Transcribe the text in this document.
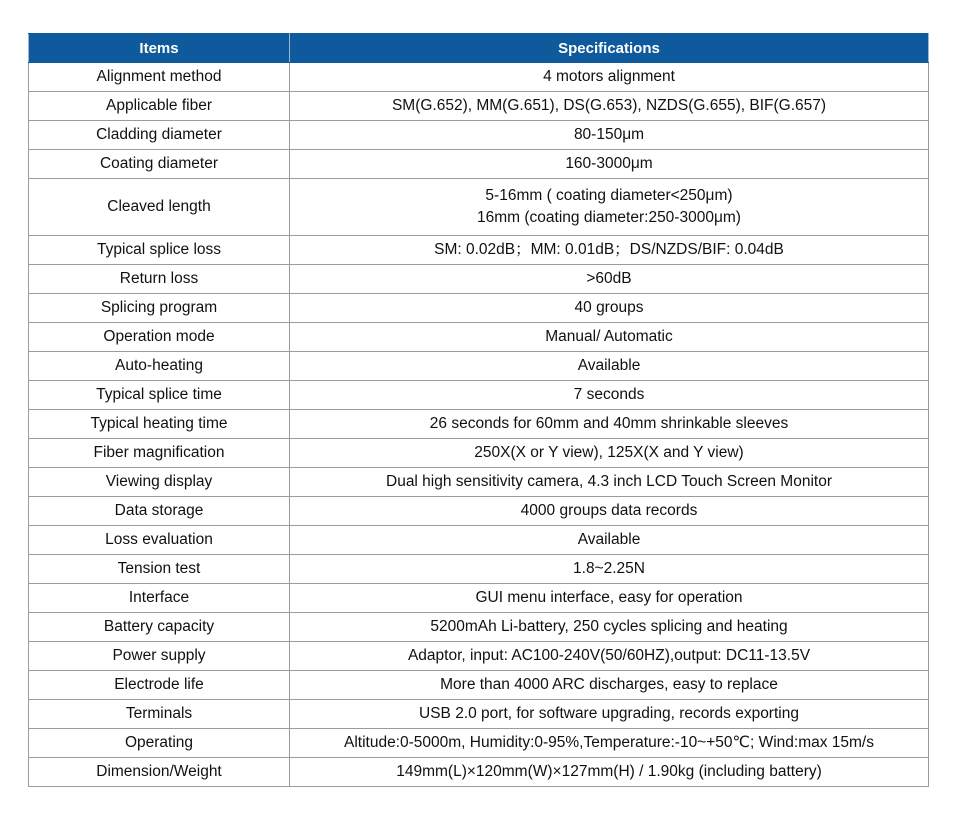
Items	Specifications
Alignment method	4 motors alignment
Applicable fiber	SM(G.652), MM(G.651), DS(G.653), NZDS(G.655), BIF(G.657)
Cladding diameter	80-150μm
Coating diameter	160-3000μm
Cleaved length	5-16mm ( coating diameter<250μm)
16mm (coating diameter:250-3000μm)
Typical splice loss	SM: 0.02dB；MM: 0.01dB；DS/NZDS/BIF: 0.04dB
Return loss	>60dB
Splicing program	40 groups
Operation mode	Manual/ Automatic
Auto-heating	Available
Typical splice time	7 seconds
Typical heating time	26 seconds for 60mm and 40mm shrinkable sleeves
Fiber magnification	250X(X or Y view), 125X(X and Y view)
Viewing display	Dual high sensitivity camera, 4.3 inch LCD Touch Screen Monitor
Data storage	4000 groups data records
Loss evaluation	Available
Tension test	1.8~2.25N
Interface	GUI menu interface, easy for operation
Battery capacity	5200mAh Li-battery, 250 cycles splicing and heating
Power supply	Adaptor, input: AC100-240V(50/60HZ),output: DC11-13.5V
Electrode life	More than 4000 ARC discharges, easy to replace
Terminals	USB 2.0 port, for software upgrading, records exporting
Operating	Altitude:0-5000m, Humidity:0-95%,Temperature:-10~+50℃; Wind:max 15m/s
Dimension/Weight	149mm(L)×120mm(W)×127mm(H) / 1.90kg (including battery)
